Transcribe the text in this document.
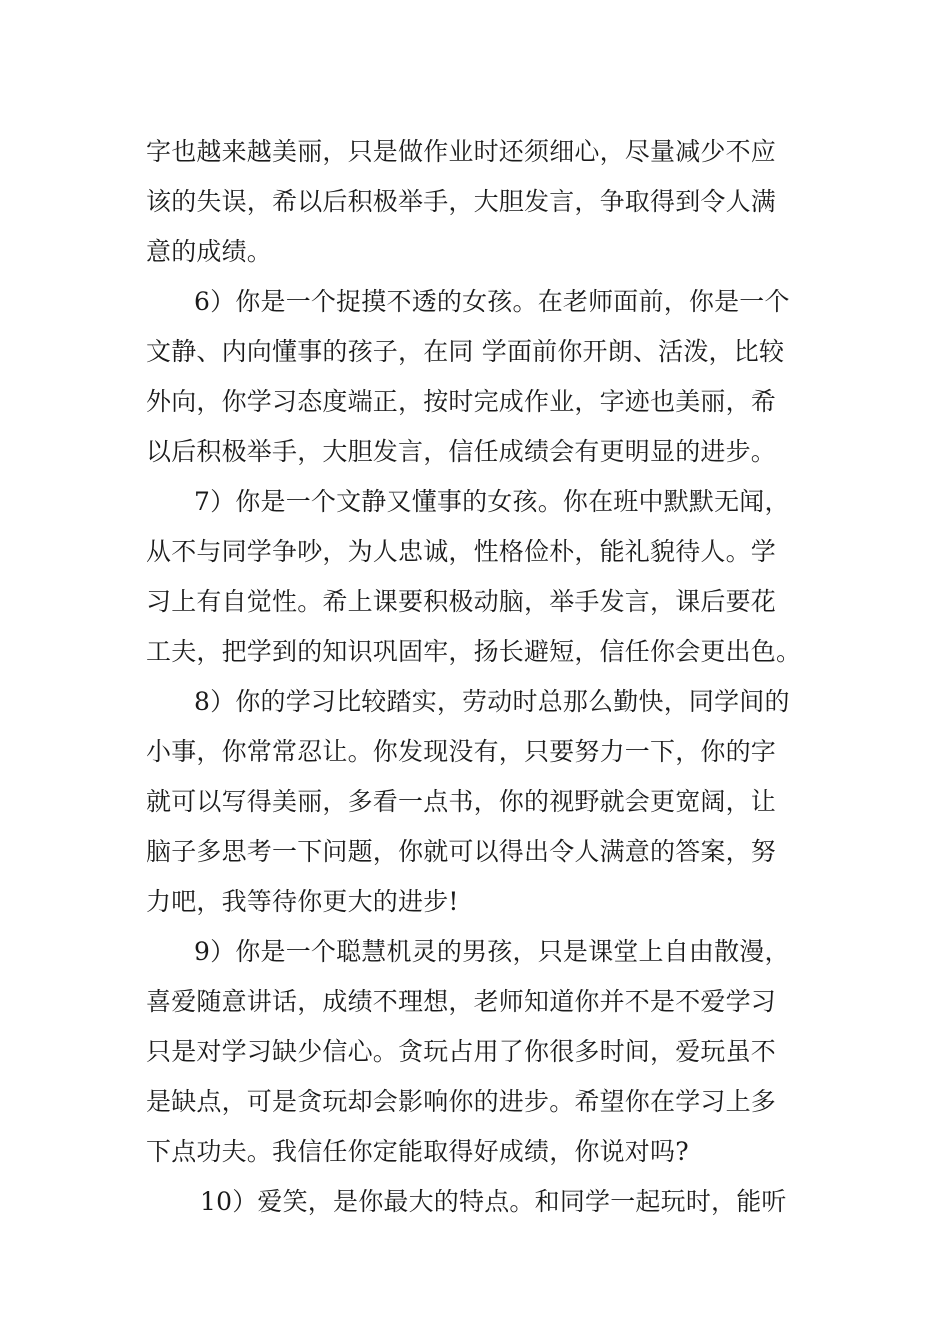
字也越来越美丽，只是做作业时还须细心，尽量减少不应
该的失误，希以后积极举手，大胆发言，争取得到令人满
意的成绩。
6）你是一个捉摸不透的女孩。在老师面前，你是一个
文静、内向懂事的孩子，在同 学面前你开朗、活泼，比较
外向，你学习态度端正，按时完成作业，字迹也美丽，希
以后积极举手，大胆发言，信任成绩会有更明显的进步。
7）你是一个文静又懂事的女孩。你在班中默默无闻，
从不与同学争吵，为人忠诚，性格俭朴，能礼貌待人。学
习上有自觉性。希上课要积极动脑，举手发言，课后要花
工夫，把学到的知识巩固牢，扬长避短，信任你会更出色。
8）你的学习比较踏实，劳动时总那么勤快，同学间的
小事，你常常忍让。你发现没有，只要努力一下，你的字
就可以写得美丽，多看一点书，你的视野就会更宽阔，让
脑子多思考一下问题，你就可以得出令人满意的答案，努
力吧，我等待你更大的进步!
9）你是一个聪慧机灵的男孩，只是课堂上自由散漫，
喜爱随意讲话，成绩不理想，老师知道你并不是不爱学习
只是对学习缺少信心。贪玩占用了你很多时间，爱玩虽不
是缺点，可是贪玩却会影响你的进步。希望你在学习上多
下点功夫。我信任你定能取得好成绩，你说对吗?
10）爱笑，是你最大的特点。和同学一起玩时，能听
